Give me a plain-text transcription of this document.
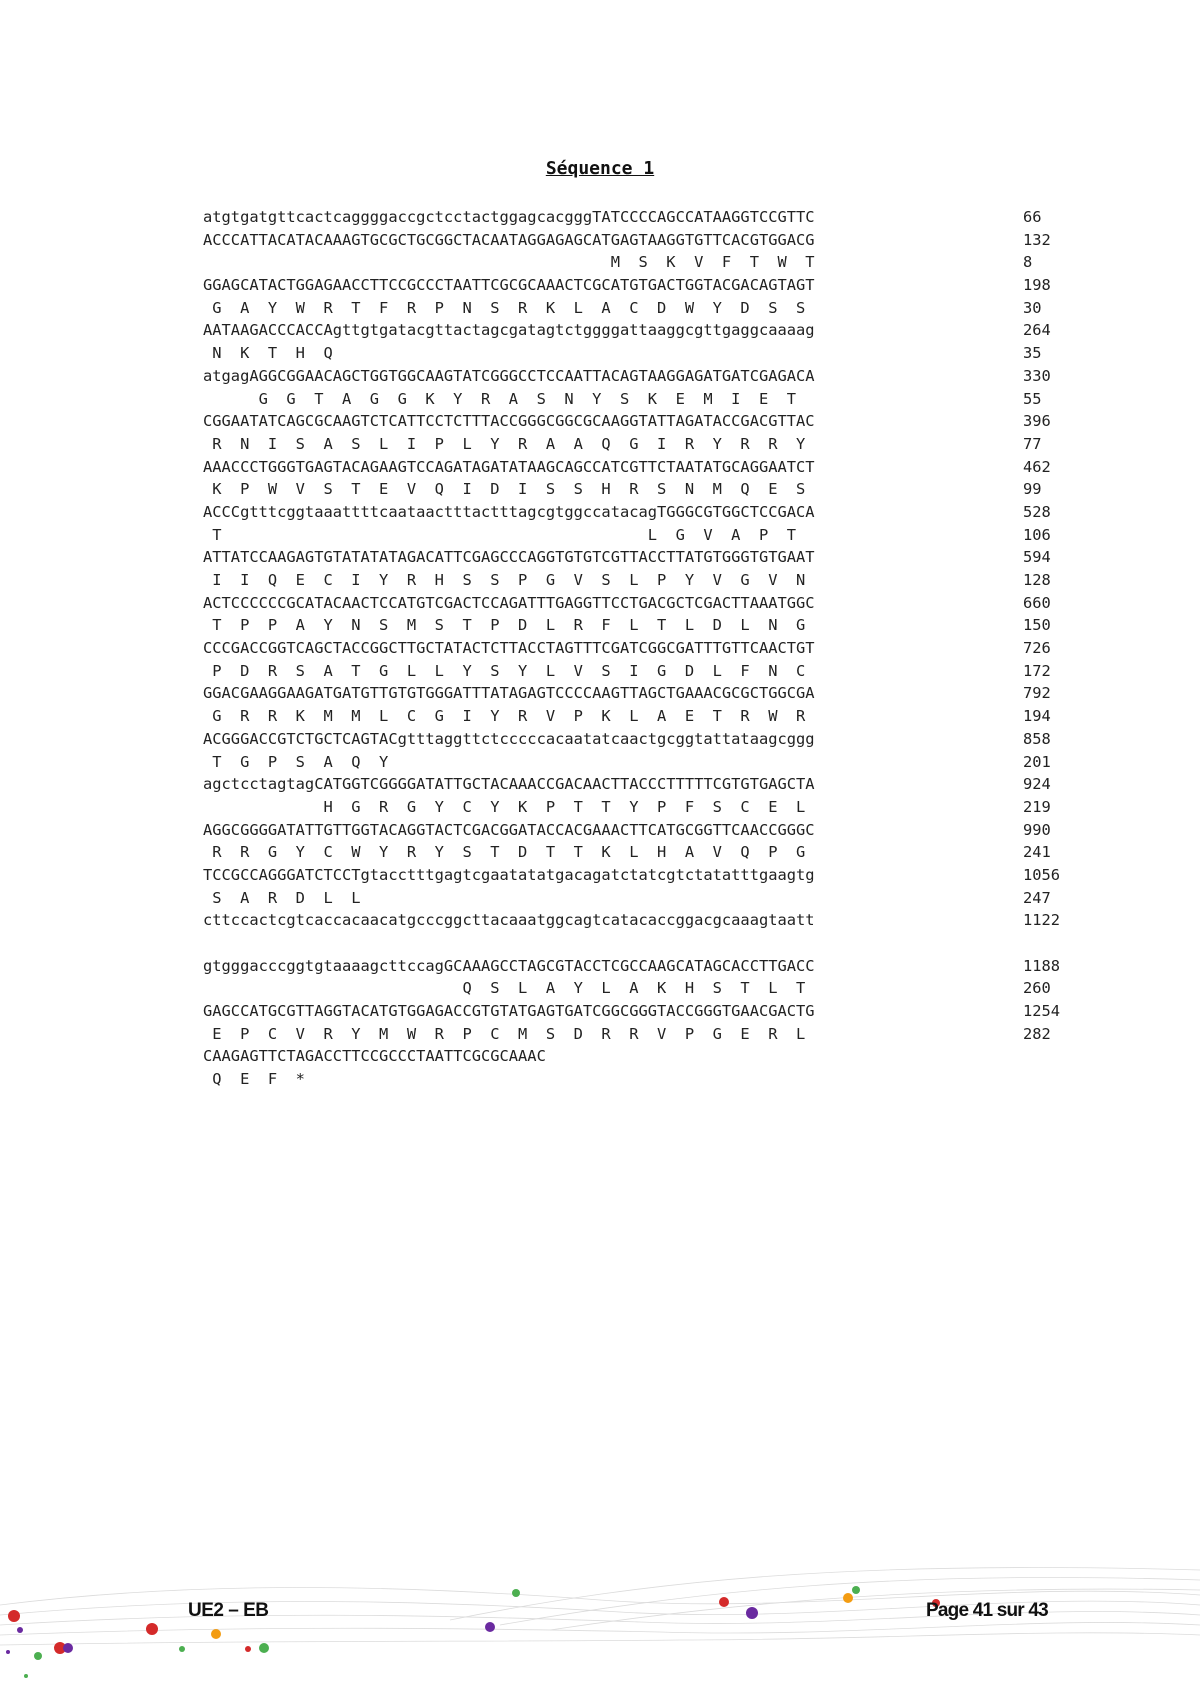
Séquence 1
atgtgatgttcactcaggggaccgctcctactggagcacgggTATCCCCAGCCATAAGGTCCGTTC	66
ACCCATTACATACAAAGTGCGCTGCGGCTACAATAGGAGAGCATGAGTAAGGTGTTCACGTGGACG	132
M  S  K  V  F  T  W  T	8
GGAGCATACTGGAGAACCTTCCGCCCTAATTCGCGCAAACTCGCATGTGACTGGTACGACAGTAGT	198
G  A  Y  W  R  T  F  R  P  N  S  R  K  L  A  C  D  W  Y  D  S  S	30
AATAAGACCCACCAgttgtgatacgttactagcgatagtctggggattaaggcgttgaggcaaaag	264
N  K  T  H  Q	35
atgagAGGCGGAACAGCTGGTGGCAAGTATCGGGCCTCCAATTACAGTAAGGAGATGATCGAGACA	330
G  G  T  A  G  G  K  Y  R  A  S  N  Y  S  K  E  M  I  E  T	55
CGGAATATCAGCGCAAGTCTCATTCCTCTTTACCGGGCGGCGCAAGGTATTAGATACCGACGTTAC	396
R  N  I  S  A  S  L  I  P  L  Y  R  A  A  Q  G  I  R  Y  R  R  Y	77
AAACCCTGGGTGAGTACAGAAGTCCAGATAGATATAAGCAGCCATCGTTCTAATATGCAGGAATCT	462
K  P  W  V  S  T  E  V  Q  I  D  I  S  S  H  R  S  N  M  Q  E  S	99
ACCCgtttcggtaaattttcaataactttactttagcgtggccatacagTGGGCGTGGCTCCGACA	528
T                                              L  G  V  A  P  T	106
ATTATCCAAGAGTGTATATATAGACATTCGAGCCCAGGTGTGTCGTTACCTTATGTGGGTGTGAAT	594
I  I  Q  E  C  I  Y  R  H  S  S  P  G  V  S  L  P  Y  V  G  V  N	128
ACTCCCCCCGCATACAACTCCATGTCGACTCCAGATTTGAGGTTCCTGACGCTCGACTTAAATGGC	660
T  P  P  A  Y  N  S  M  S  T  P  D  L  R  F  L  T  L  D  L  N  G	150
CCCGACCGGTCAGCTACCGGCTTGCTATACTCTTACCTAGTTTCGATCGGCGATTTGTTCAACTGT	726
P  D  R  S  A  T  G  L  L  Y  S  Y  L  V  S  I  G  D  L  F  N  C	172
GGACGAAGGAAGATGATGTTGTGTGGGATTTATAGAGTCCCCAAGTTAGCTGAAACGCGCTGGCGA	792
G  R  R  K  M  M  L  C  G  I  Y  R  V  P  K  L  A  E  T  R  W  R	194
ACGGGACCGTCTGCTCAGTACgtttaggttctcccccacaatatcaactgcggtattataagcggg	858
T  G  P  S  A  Q  Y	201
agctcctagtagCATGGTCGGGGATATTGCTACAAACCGACAACTTACCCTTTTTCGTGTGAGCTA	924
H  G  R  G  Y  C  Y  K  P  T  T  Y  P  F  S  C  E  L	219
AGGCGGGGATATTGTTGGTACAGGTACTCGACGGATACCACGAAACTTCATGCGGTTCAACCGGGC	990
R  R  G  Y  C  W  Y  R  Y  S  T  D  T  T  K  L  H  A  V  Q  P  G	241
TCCGCCAGGGATCTCCTgtacctttgagtcgaatatatgacagatctatcgtctatatttgaagtg	1056
S  A  R  D  L  L	247
cttccactcgtcaccacaacatgcccggcttacaaatggcagtcatacaccggacgcaaagtaatt	1122
gtgggacccggtgtaaaagcttccagGCAAAGCCTAGCGTACCTCGCCAAGCATAGCACCTTGACC	1188
Q  S  L  A  Y  L  A  K  H  S  T  L  T	260
GAGCCATGCGTTAGGTACATGTGGAGACCGTGTATGAGTGATCGGCGGGTACCGGGTGAACGACTG	1254
E  P  C  V  R  Y  M  W  R  P  C  M  S  D  R  R  V  P  G  E  R  L	282
CAAGAGTTCTAGACCTTCCGCCCTAATTCGCGCAAAC
Q  E  F  *
UE2 – EB	Page 41 sur 43
